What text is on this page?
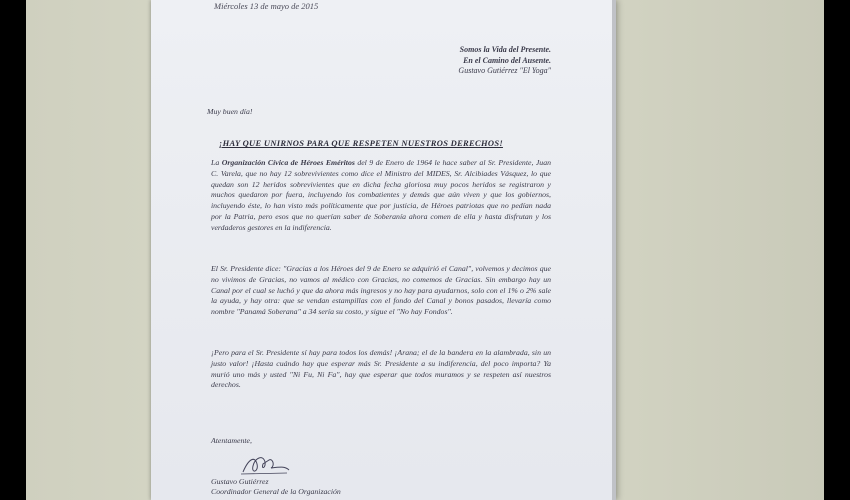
Miércoles 13 de mayo de 2015
Somos la Vida del Presente.
En el Camino del Ausente.
Gustavo Gutiérrez "El Yoga"
Muy buen día!
¡HAY QUE UNIRNOS PARA QUE RESPETEN NUESTROS DERECHOS!
La Organización Cívica de Héroes Eméritos del 9 de Enero de 1964 le hace saber al Sr. Presidente, Juan C. Varela, que no hay 12 sobrevivientes como dice el Ministro del MIDES, Sr. Alcibiades Vásquez, lo que quedan son 12 heridos sobrevivientes que en dicha fecha gloriosa muy pocos heridos se registraron y muchos quedaron por fuera, incluyendo los combatientes y demás que aún viven y que los gobiernos, incluyendo éste, lo han visto más políticamente que por justicia, de Héroes patriotas que no pedían nada por la Patria, pero esos que no querían saber de Soberanía ahora comen de ella y hasta disfrutan y los verdaderos gestores en la indiferencia.
El Sr. Presidente dice: "Gracias a los Héroes del 9 de Enero se adquirió el Canal", volvemos y decimos que no vivimos de Gracias, no vamos al médico con Gracias, no comemos de Gracias. Sin embargo hay un Canal por el cual se luchó y que da ahora más ingresos y no hay para ayudarnos, solo con el 1% o 2% sale la ayuda, y hay otra: que se vendan estampillas con el fondo del Canal y bonos pasados, llevaría como nombre "Panamá Soberana" a 34 sería su costo, y sigue el "No hay Fondos".
¡Pero para el Sr. Presidente sí hay para todos los demás! ¡Arana; el de la bandera en la alambrada, sin un justo valor! ¡Hasta cuándo hay que esperar más Sr. Presidente a su indiferencia, del poco importa? Ya murió uno más y usted "Ni Fu, Ni Fa", hay que esperar que todos muramos y se respeten así nuestros derechos.
Atentamente,
Gustavo Gutiérrez
Coordinador General de la Organización
